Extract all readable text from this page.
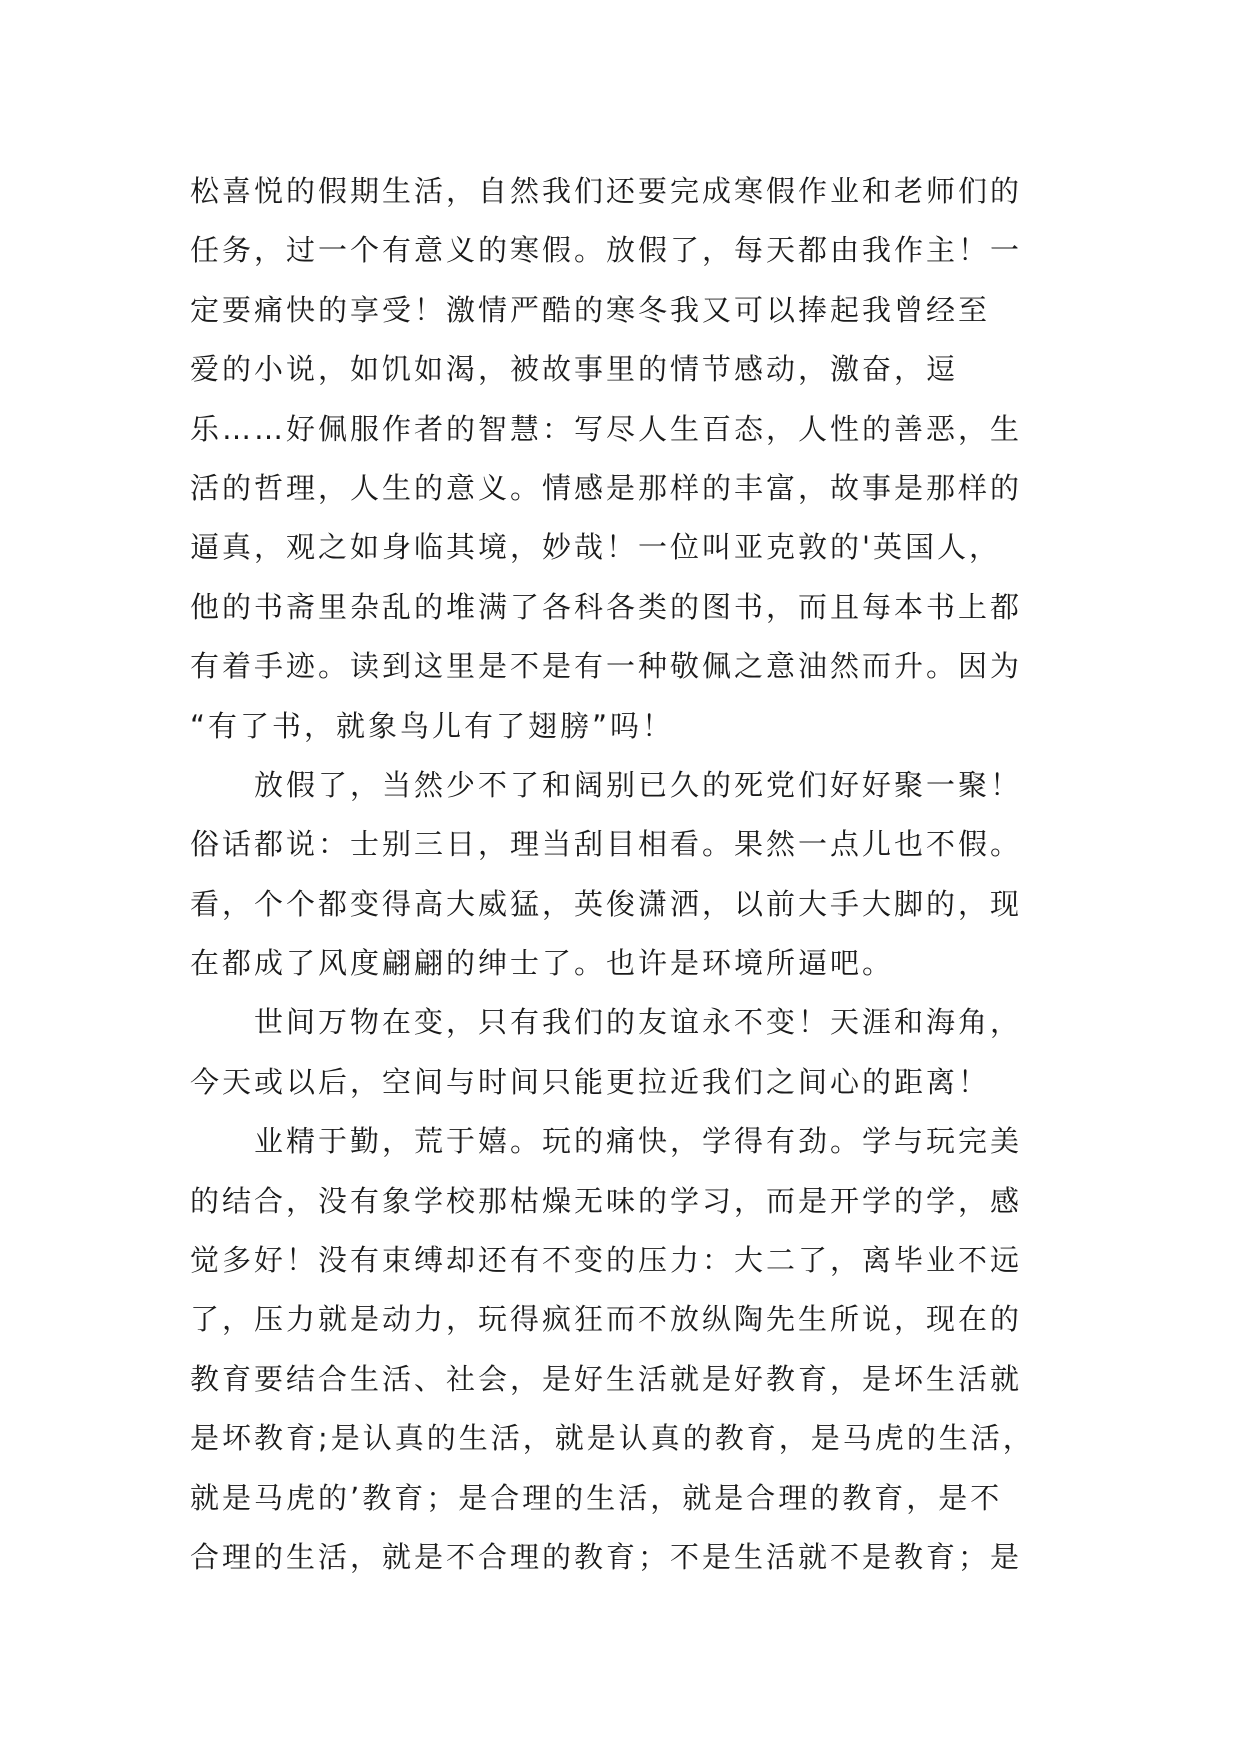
松喜悦的假期生活，自然我们还要完成寒假作业和老师们的
任务，过一个有意义的寒假。放假了，每天都由我作主！一
定要痛快的享受！激情严酷的寒冬我又可以捧起我曾经至
爱的小说，如饥如渴，被故事里的情节感动，激奋，逗
乐……好佩服作者的智慧：写尽人生百态，人性的善恶，生
活的哲理，人生的意义。情感是那样的丰富，故事是那样的
逼真，观之如身临其境，妙哉！一位叫亚克敦的'英国人，
他的书斋里杂乱的堆满了各科各类的图书，而且每本书上都
有着手迹。读到这里是不是有一种敬佩之意油然而升。因为
“有了书，就象鸟儿有了翅膀”吗！
放假了，当然少不了和阔别已久的死党们好好聚一聚！
俗话都说：士别三日，理当刮目相看。果然一点儿也不假。
看，个个都变得高大威猛，英俊潇洒，以前大手大脚的，现
在都成了风度翩翩的绅士了。也许是环境所逼吧。
世间万物在变，只有我们的友谊永不变！天涯和海角，
今天或以后，空间与时间只能更拉近我们之间心的距离！
业精于勤，荒于嬉。玩的痛快，学得有劲。学与玩完美
的结合，没有象学校那枯燥无味的学习，而是开学的学，感
觉多好！没有束缚却还有不变的压力：大二了，离毕业不远
了，压力就是动力，玩得疯狂而不放纵陶先生所说，现在的
教育要结合生活、社会，是好生活就是好教育，是坏生活就
是坏教育;是认真的生活，就是认真的教育，是马虎的生活，
就是马虎的’教育；是合理的生活，就是合理的教育，是不
合理的生活，就是不合理的教育；不是生活就不是教育；是
